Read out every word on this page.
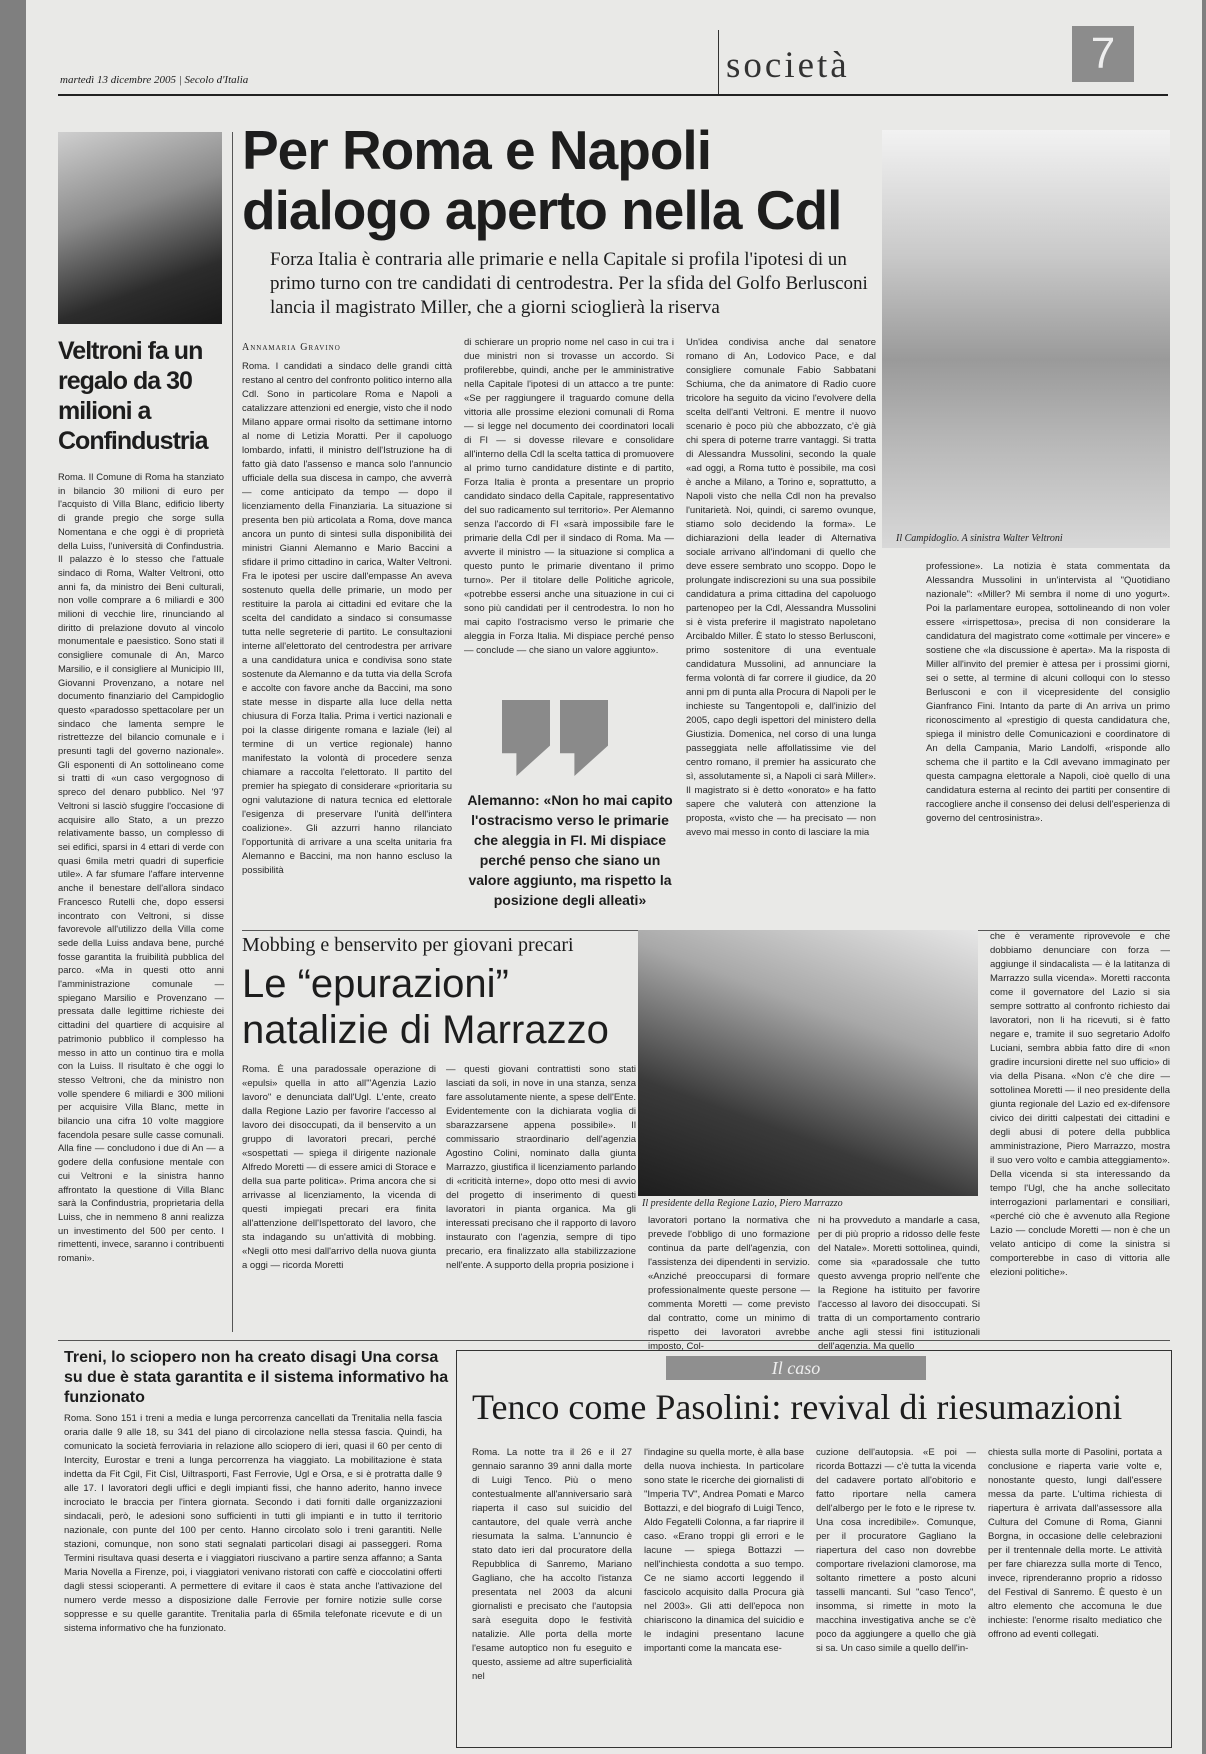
martedì 13 dicembre 2005 | Secolo d'Italia	società	7
Veltroni fa un regalo da 30 milioni a Confindustria

Roma. Il Comune di Roma ha stanziato in bilancio 30 milioni di euro per l'acquisto di Villa Blanc, edificio liberty di grande pregio che sorge sulla Nomentana e che oggi è di proprietà della Luiss, l'università di Confindustria. Il palazzo è lo stesso che l'attuale sindaco di Roma, Walter Veltroni, otto anni fa, da ministro dei Beni culturali, non volle comprare a 6 miliardi e 300 milioni di vecchie lire, rinunciando al diritto di prelazione dovuto al vincolo monumentale e paesistico. Sono stati il consigliere comunale di An, Marco Marsilio, e il consigliere al Municipio III, Giovanni Provenzano, a notare nel documento finanziario del Campidoglio questo «paradosso spettacolare per un sindaco che lamenta sempre le ristrettezze del bilancio comunale e i presunti tagli del governo nazionale». Gli esponenti di An sottolineano come si tratti di «un caso vergognoso di spreco del denaro pubblico. Nel '97 Veltroni si lasciò sfuggire l'occasione di acquisire allo Stato, a un prezzo relativamente basso, un complesso di sei edifici, sparsi in 4 ettari di verde con quasi 6mila metri quadri di superficie utile». A far sfumare l'affare intervenne anche il benestare dell'allora sindaco Francesco Rutelli che, dopo essersi incontrato con Veltroni, si disse favorevole all'utilizzo della Villa come sede della Luiss andava bene, purché fosse garantita la fruibilità pubblica del parco. «Ma in questi otto anni l'amministrazione comunale — spiegano Marsilio e Provenzano — pressata dalle legittime richieste dei cittadini del quartiere di acquisire al patrimonio pubblico il complesso ha messo in atto un continuo tira e molla con la Luiss. Il risultato è che oggi lo stesso Veltroni, che da ministro non volle spendere 6 miliardi e 300 milioni per acquisire Villa Blanc, mette in bilancio una cifra 10 volte maggiore facendola pesare sulle casse comunali. Alla fine — concludono i due di An — a godere della confusione mentale con cui Veltroni e la sinistra hanno affrontato la questione di Villa Blanc sarà la Confindustria, proprietaria della Luiss, che in nemmeno 8 anni realizza un investimento del 500 per cento. I rimettenti, invece, saranno i contribuenti romani».

Per Roma e Napoli
dialogo aperto nella Cdl
Forza Italia è contraria alle primarie e nella Capitale si profila l'ipotesi di un primo turno con tre candidati di centrodestra. Per la sfida del Golfo Berlusconi lancia il magistrato Miller, che a giorni scioglierà la riserva
Il Campidoglio. A sinistra Walter Veltroni
Annamaria Gravino

Roma. I candidati a sindaco delle grandi città restano al centro del confronto politico interno alla Cdl. Sono in particolare Roma e Napoli a catalizzare attenzioni ed energie, visto che il nodo Milano appare ormai risolto da settimane intorno al nome di Letizia Moratti. Per il capoluogo lombardo, infatti, il ministro dell'Istruzione ha di fatto già dato l'assenso e manca solo l'annuncio ufficiale della sua discesa in campo, che avverrà — come anticipato da tempo — dopo il licenziamento della Finanziaria. La situazione si presenta ben più articolata a Roma, dove manca ancora un punto di sintesi sulla disponibilità dei ministri Gianni Alemanno e Mario Baccini a sfidare il primo cittadino in carica, Walter Veltroni. Fra le ipotesi per uscire dall'empasse An aveva sostenuto quella delle primarie, un modo per restituire la parola ai cittadini ed evitare che la scelta del candidato a sindaco si consumasse tutta nelle segreterie di partito. Le consultazioni interne all'elettorato del centrodestra per arrivare a una candidatura unica e condivisa sono state sostenute da Alemanno e da tutta via della Scrofa e accolte con favore anche da Baccini, ma sono state messe in disparte alla luce della netta chiusura di Forza Italia. Prima i vertici nazionali e poi la classe dirigente romana e laziale (lei) al termine di un vertice regionale) hanno manifestato la volontà di procedere senza chiamare a raccolta l'elettorato. Il partito del premier ha spiegato di considerare «prioritaria su ogni valutazione di natura tecnica ed elettorale l'esigenza di preservare l'unità dell'intera coalizione». Gli azzurri hanno rilanciato l'opportunità di arrivare a una scelta unitaria fra Alemanno e Baccini, ma non hanno escluso la possibilità

di schierare un proprio nome nel caso in cui tra i due ministri non si trovasse un accordo. Si profilerebbe, quindi, anche per le amministrative nella Capitale l'ipotesi di un attacco a tre punte: «Se per raggiungere il traguardo comune della vittoria alle prossime elezioni comunali di Roma — si legge nel documento dei coordinatori locali di FI — si dovesse rilevare e consolidare all'interno della Cdl la scelta tattica di promuovere al primo turno candidature distinte e di partito, Forza Italia è pronta a presentare un proprio candidato sindaco della Capitale, rappresentativo del suo radicamento sul territorio». Per Alemanno senza l'accordo di FI «sarà impossibile fare le primarie della Cdl per il sindaco di Roma. Ma — avverte il ministro — la situazione si complica a questo punto le primarie diventano il primo turno». Per il titolare delle Politiche agricole, «potrebbe essersi anche una situazione in cui ci sono più candidati per il centrodestra. Io non ho mai capito l'ostracismo verso le primarie che aleggia in Forza Italia. Mi dispiace perché penso — conclude — che siano un valore aggiunto».

Un'idea condivisa anche dal senatore romano di An, Lodovico Pace, e dal consigliere comunale Fabio Sabbatani Schiuma, che da animatore di Radio cuore tricolore ha seguito da vicino l'evolvere della scelta dell'anti Veltroni. E mentre il nuovo scenario è poco più che abbozzato, c'è già chi spera di poterne trarre vantaggi. Si tratta di Alessandra Mussolini, secondo la quale «ad oggi, a Roma tutto è possibile, ma così è anche a Milano, a Torino e, soprattutto, a Napoli visto che nella Cdl non ha prevalso l'unitarietà. Noi, quindi, ci saremo ovunque, stiamo solo decidendo la forma». Le dichiarazioni della leader di Alternativa sociale arrivano all'indomani di quello che deve essere sembrato uno scoppo. Dopo le prolungate indiscrezioni su una sua possibile candidatura a prima cittadina del capoluogo partenopeo per la Cdl, Alessandra Mussolini si è vista preferire il magistrato napoletano Arcibaldo Miller. È stato lo stesso Berlusconi, primo sostenitore di una eventuale candidatura Mussolini, ad annunciare la ferma volontà di far correre il giudice, da 20 anni pm di punta alla Procura di Napoli per le inchieste su Tangentopoli e, dall'inizio del 2005, capo degli ispettori del ministero della Giustizia. Domenica, nel corso di una lunga passeggiata nelle affollatissime vie del centro romano, il premier ha assicurato che sì, assolutamente sì, a Napoli ci sarà Miller». Il magistrato si è detto «onorato» e ha fatto sapere che valuterà con attenzione la proposta, «visto che — ha precisato — non avevo mai messo in conto di lasciare la mia

professione». La notizia è stata commentata da Alessandra Mussolini in un'intervista al "Quotidiano nazionale": «Miller? Mi sembra il nome di uno yogurt». Poi la parlamentare europea, sottolineando di non voler essere «irrispettosa», precisa di non considerare la candidatura del magistrato come «ottimale per vincere» e sostiene che «la discussione è aperta». Ma la risposta di Miller all'invito del premier è attesa per i prossimi giorni, sei o sette, al termine di alcuni colloqui con lo stesso Berlusconi e con il vicepresidente del consiglio Gianfranco Fini. Intanto da parte di An arriva un primo riconoscimento al «prestigio di questa candidatura che, spiega il ministro delle Comunicazioni e coordinatore di An della Campania, Mario Landolfi, «risponde allo schema che il partito e la Cdl avevano immaginato per questa campagna elettorale a Napoli, cioè quello di una candidatura esterna al recinto dei partiti per consentire di raccogliere anche il consenso dei delusi dell'esperienza di governo del centrosinistra».

Alemanno: «Non ho mai capito l'ostracismo verso le primarie che aleggia in FI. Mi dispiace perché penso che siano un valore aggiunto, ma rispetto la posizione degli alleati»
Mobbing e benservito per giovani precari
Le “epurazioni”
natalizie di Marrazzo
Il presidente della Regione Lazio, Piero Marrazzo

Roma. È una paradossale operazione di «epulsi» quella in atto all'"Agenzia Lazio lavoro" e denunciata dall'Ugl. L'ente, creato dalla Regione Lazio per favorire l'accesso al lavoro dei disoccupati, da il benservito a un gruppo di lavoratori precari, perché «sospettati — spiega il dirigente nazionale Alfredo Moretti — di essere amici di Storace e della sua parte politica». Prima ancora che si arrivasse al licenziamento, la vicenda di questi impiegati precari era finita all'attenzione dell'Ispettorato del lavoro, che sta indagando su un'attività di mobbing. «Negli otto mesi dall'arrivo della nuova giunta a oggi — ricorda Moretti

— questi giovani contrattisti sono stati lasciati da soli, in nove in una stanza, senza fare assolutamente niente, a spese dell'Ente. Evidentemente con la dichiarata voglia di sbarazzarsene appena possibile». Il commissario straordinario dell'agenzia Agostino Colini, nominato dalla giunta Marrazzo, giustifica il licenziamento parlando di «criticità interne», dopo otto mesi di avvio del progetto di inserimento di questi lavoratori in pianta organica. Ma gli interessati precisano che il rapporto di lavoro instaurato con l'agenzia, sempre di tipo precario, era finalizzato alla stabilizzazione nell'ente. A supporto della propria posizione i

lavoratori portano la normativa che prevede l'obbligo di uno formazione continua da parte dell'agenzia, con l'assistenza dei dipendenti in servizio. «Anziché preoccuparsi di formare professionalmente queste persone — commenta Moretti — come previsto dal contratto, come un minimo di rispetto dei lavoratori avrebbe imposto, Col-

ni ha provveduto a mandarle a casa, per di più proprio a ridosso delle feste del Natale». Moretti sottolinea, quindi, come sia «paradossale che tutto questo avvenga proprio nell'ente che la Regione ha istituito per favorire l'accesso al lavoro dei disoccupati. Si tratta di un comportamento contrario anche agli stessi fini istituzionali dell'agenzia. Ma quello

che è veramente riprovevole e che dobbiamo denunciare con forza — aggiunge il sindacalista — è la latitanza di Marrazzo sulla vicenda». Moretti racconta come il governatore del Lazio si sia sempre sottratto al confronto richiesto dai lavoratori, non li ha ricevuti, si è fatto negare e, tramite il suo segretario Adolfo Luciani, sembra abbia fatto dire di «non gradire incursioni dirette nel suo ufficio» di via della Pisana. «Non c'è che dire — sottolinea Moretti — il neo presidente della giunta regionale del Lazio ed ex-difensore civico dei diritti calpestati dei cittadini e degli abusi di potere della pubblica amministrazione, Piero Marrazzo, mostra il suo vero volto e cambia atteggiamento». Della vicenda si sta interessando da tempo l'Ugl, che ha anche sollecitato interrogazioni parlamentari e consiliari, «perché ciò che è avvenuto alla Regione Lazio — conclude Moretti — non è che un velato anticipo di come la sinistra si comporterebbe in caso di vittoria alle elezioni politiche».

Treni, lo sciopero non ha creato disagi Una corsa su due è stata garantita e il sistema informativo ha funzionato

Roma. Sono 151 i treni a media e lunga percorrenza cancellati da Trenitalia nella fascia oraria dalle 9 alle 18, su 341 del piano di circolazione nella stessa fascia. Quindi, ha comunicato la società ferroviaria in relazione allo sciopero di ieri, quasi il 60 per cento di Intercity, Eurostar e treni a lunga percorrenza ha viaggiato. La mobilitazione è stata indetta da Fit Cgil, Fit Cisl, Uiltrasporti, Fast Ferrovie, Ugl e Orsa, e si è protratta dalle 9 alle 17. I lavoratori degli uffici e degli impianti fissi, che hanno aderito, hanno invece incrociato le braccia per l'intera giornata. Secondo i dati forniti dalle organizzazioni sindacali, però, le adesioni sono sufficienti in tutti gli impianti e in tutto il territorio nazionale, con punte del 100 per cento. Hanno circolato solo i treni garantiti. Nelle stazioni, comunque, non sono stati segnalati particolari disagi ai passeggeri. Roma Termini risultava quasi deserta e i viaggiatori riuscivano a partire senza affanno; a Santa Maria Novella a Firenze, poi, i viaggiatori venivano ristorati con caffè e cioccolatini offerti dagli stessi scioperanti. A permettere di evitare il caos è stata anche l'attivazione del numero verde messo a disposizione dalle Ferrovie per fornire notizie sulle corse soppresse e su quelle garantite. Trenitalia parla di 65mila telefonate ricevute e di un sistema informativo che ha funzionato.

Il caso
Tenco come Pasolini: revival di riesumazioni

Roma. La notte tra il 26 e il 27 gennaio saranno 39 anni dalla morte di Luigi Tenco. Più o meno contestualmente all'anniversario sarà riaperta il caso sul suicidio del cantautore, del quale verrà anche riesumata la salma. L'annuncio è stato dato ieri dal procuratore della Repubblica di Sanremo, Mariano Gagliano, che ha accolto l'istanza presentata nel 2003 da alcuni giornalisti e precisato che l'autopsia sarà eseguita dopo le festività natalizie. Alle porta della morte l'esame autoptico non fu eseguito e questo, assieme ad altre superficialità nel

l'indagine su quella morte, è alla base della nuova inchiesta. In particolare sono state le ricerche dei giornalisti di "Imperia TV", Andrea Pomati e Marco Bottazzi, e del biografo di Luigi Tenco, Aldo Fegatelli Colonna, a far riaprire il caso. «Erano troppi gli errori e le lacune — spiega Bottazzi — nell'inchiesta condotta a suo tempo. Ce ne siamo accorti leggendo il fascicolo acquisito dalla Procura già nel 2003». Gli atti dell'epoca non chiariscono la dinamica del suicidio e le indagini presentano lacune importanti come la mancata ese-

cuzione dell'autopsia. «E poi — ricorda Bottazzi — c'è tutta la vicenda del cadavere portato all'obitorio e fatto riportare nella camera dell'albergo per le foto e le riprese tv. Una cosa incredibile». Comunque, per il procuratore Gagliano la riapertura del caso non dovrebbe comportare rivelazioni clamorose, ma soltanto rimettere a posto alcuni tasselli mancanti. Sul "caso Tenco", insomma, si rimette in moto la macchina investigativa anche se c'è poco da aggiungere a quello che già si sa. Un caso simile a quello dell'in-

chiesta sulla morte di Pasolini, portata a conclusione e riaperta varie volte e, nonostante questo, lungi dall'essere messa da parte. L'ultima richiesta di riapertura è arrivata dall'assessore alla Cultura del Comune di Roma, Gianni Borgna, in occasione delle celebrazioni per il trentennale della morte. Le attività per fare chiarezza sulla morte di Tenco, invece, riprenderanno proprio a ridosso del Festival di Sanremo. È questo è un altro elemento che accomuna le due inchieste: l'enorme risalto mediatico che offrono ad eventi collegati.
